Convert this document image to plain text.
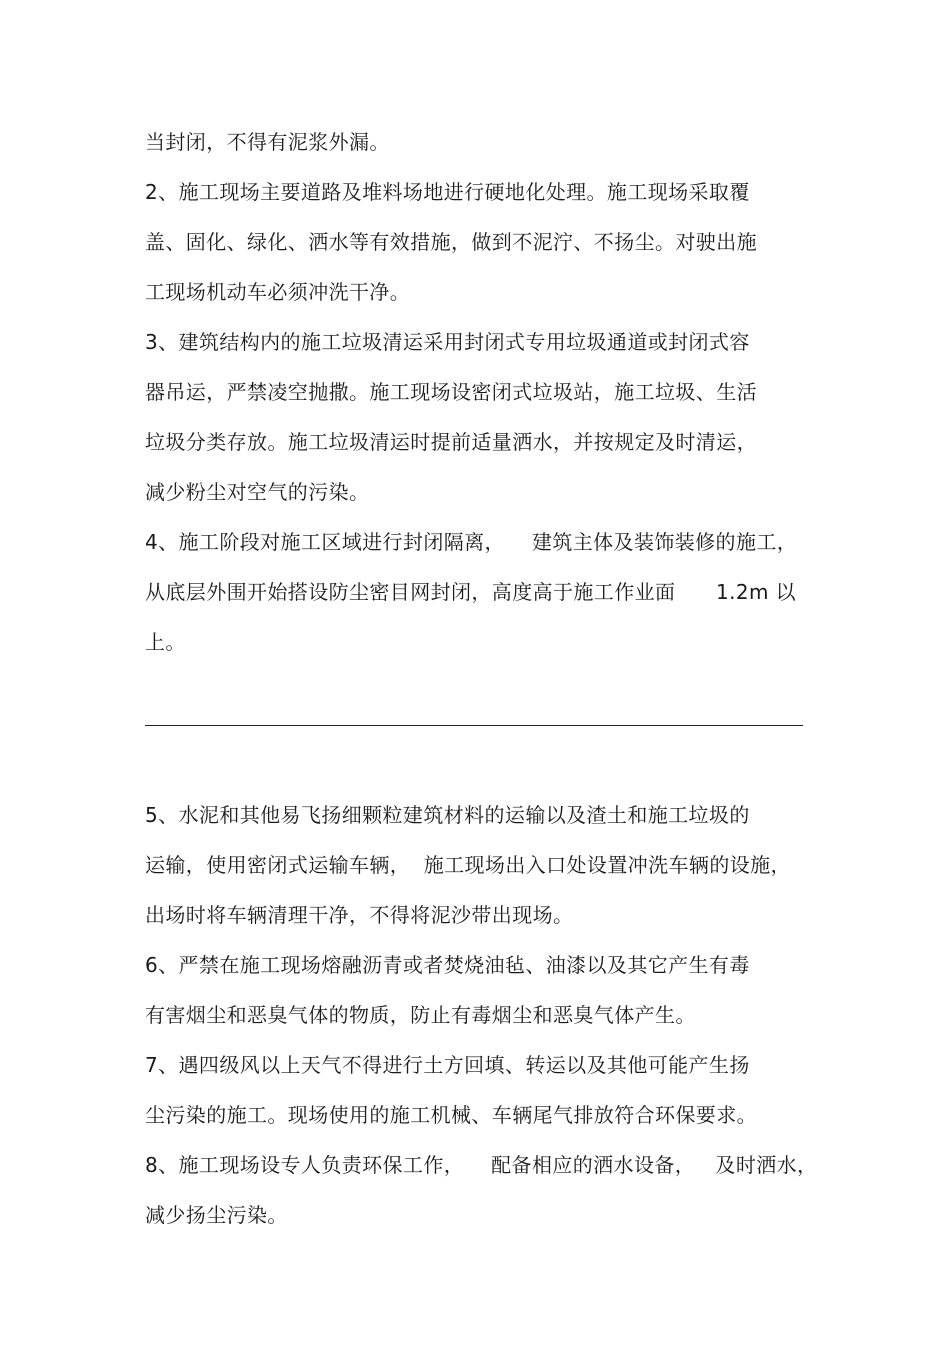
当封闭，不得有泥浆外漏。
2、施工现场主要道路及堆料场地进行硬地化处理。施工现场采取覆
盖、固化、绿化、洒水等有效措施，做到不泥泞、不扬尘。对驶出施
工现场机动车必须冲洗干净。
3、建筑结构内的施工垃圾清运采用封闭式专用垃圾通道或封闭式容
器吊运，严禁凌空抛撒。施工现场设密闭式垃圾站，施工垃圾、生活
垃圾分类存放。施工垃圾清运时提前适量洒水，并按规定及时清运，
减少粉尘对空气的污染。
4、施工阶段对施工区域进行封闭隔离，    建筑主体及装饰装修的施工，
从底层外围开始搭设防尘密目网封闭，高度高于施工作业面      1.2m 以
上。
5、水泥和其他易飞扬细颗粒建筑材料的运输以及渣土和施工垃圾的
运输，使用密闭式运输车辆，  施工现场出入口处设置冲洗车辆的设施，
出场时将车辆清理干净，不得将泥沙带出现场。
6、严禁在施工现场熔融沥青或者焚烧油毡、油漆以及其它产生有毒
有害烟尘和恶臭气体的物质，防止有毒烟尘和恶臭气体产生。
7、遇四级风以上天气不得进行土方回填、转运以及其他可能产生扬
尘污染的施工。现场使用的施工机械、车辆尾气排放符合环保要求。
8、施工现场设专人负责环保工作，    配备相应的洒水设备，   及时洒水，
减少扬尘污染。
